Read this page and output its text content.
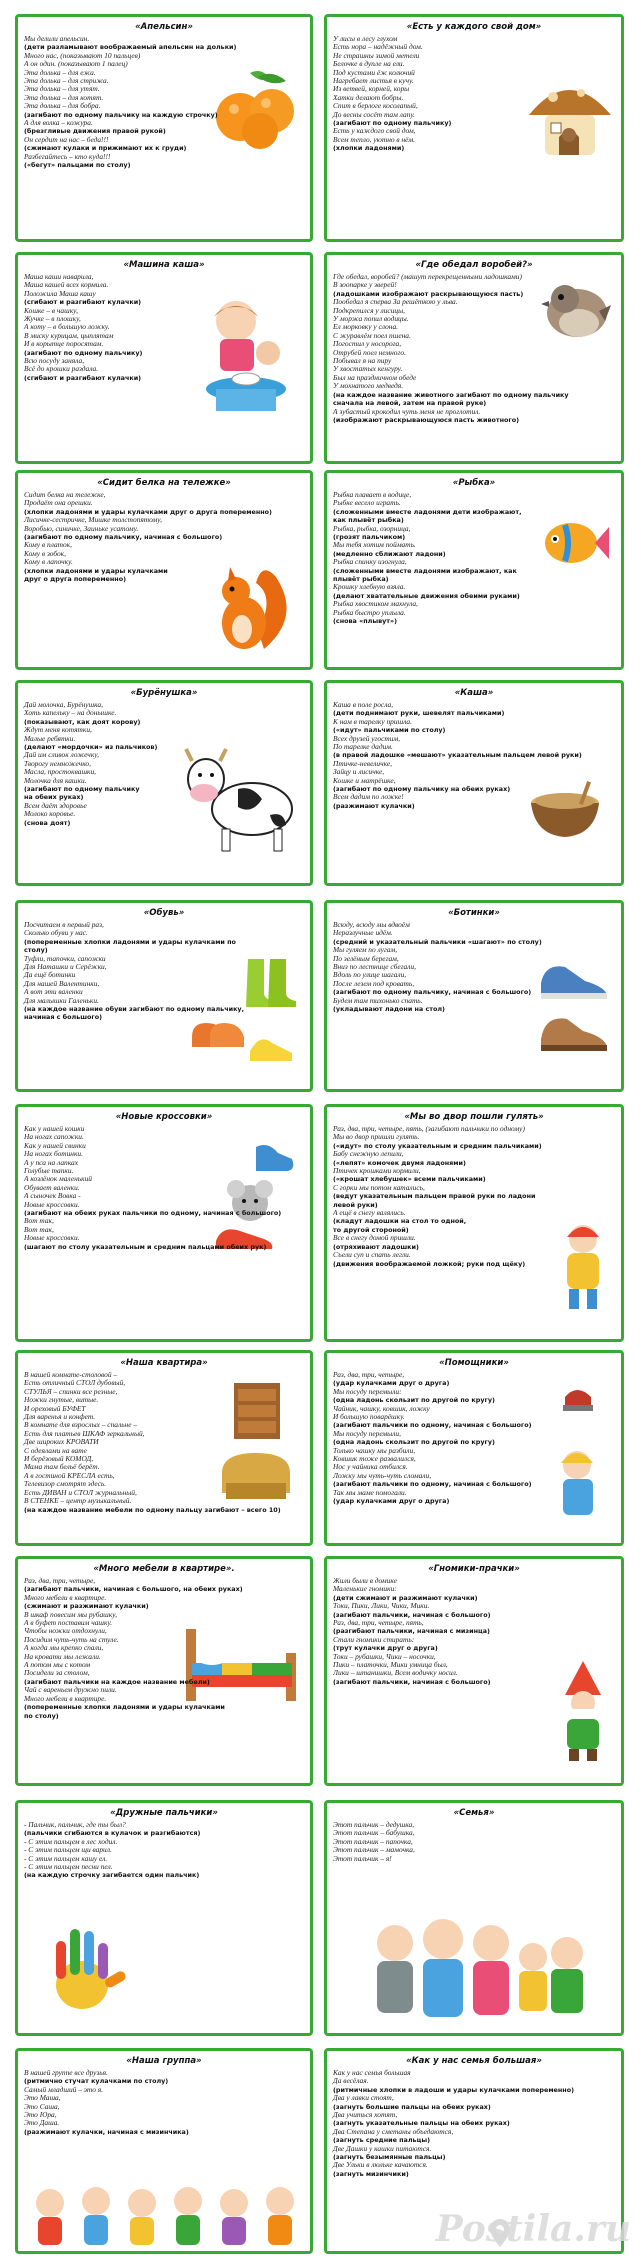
«Апельсин»
Мы делили апельсин.
(дети разламывают воображаемый апельсин на дольки)
Много нас, (показывают 10 пальцев)
А он один. (показывают 1 палец)
Эта долька – для ежа.
Эта долька – для стрижа.
Эта долька – для утят.
Эта долька – для котят.
Эта долька – для бобра.
(загибают по одному пальчику на каждую строчку)
А для волка – кожура.
(брезгливые движения правой рукой)
Он сердит на нас – беда!!!
(сжимают кулаки и прижимают их к груди)
Разбегайтесь – кто куда!!!
(«бегут» пальцами по столу)
«Есть у каждого свой дом»
У лисы в лесу глухом
Есть нора – надёжный дом.
Не страшны зимой метели
Белочке в дупле на ели.
Под кустами ёж колючий
Нагребает листья в кучу.
Из ветвей, корней, коры
Хатки делают бобры.
Спит в берлоге косолапый,
До весны сосёт там лапу.
(загибают по одному пальчику)
Есть у каждого свой дом,
Всем тепло, уютно в нём.
(хлопки ладонями)
«Машина каша»
Маша каши наварила,
Маша кашей всех кормила.
Положила Маша кашу
(сгибают и разгибают кулачки)
Кошке – в чашку,
Жучке – в плошку,
А коту – в большую ложку.
В миску курицам, цыплятам
И в корытце поросятам.
(загибают по одному пальчику)
Всю посуду заняла,
Всё до крошки раздала.
(сгибают и разгибают кулачки)
«Где обедал воробей?»
Где обедал, воробей? (машут перекрещенными ладошками)
В зоопарке у зверей!
(ладошками изображают раскрывающуюся пасть)
Пообедал я сперва За решёткою у льва.
Подкрепился у лисицы,
У моржа попил водицы.
Ел морковку у слона.
С журавлём поел пшена.
Погостил у носорога,
Отрубей поел немного.
Побывал я на пиру
У хвостатых кенгуру.
Был на праздничном обеде
У мохнатого медведя.
(на каждое название животного загибают по одному пальчику
сначала на левой, затем на правой руке)
А зубастый крокодил чуть меня не проглотил.
(изображают раскрывающуюся пасть животного)
«Сидит белка на тележке»
Сидит белка на тележке,
Продаёт она орешки.
(хлопки ладонями и удары кулачками друг о друга попеременно)
Лисичке-сестричке, Мишке толстопятому,
Воробью, синичке, Заиньке усатому.
(загибают по одному пальчику, начиная с большого)
Кому в платок,
Кому в зобок,
Кому в лапочку.
(хлопки ладонями и удары кулачками
друг о друга попеременно)
«Рыбка»
Рыбка плавает в водице,
Рыбке весело играть.
(сложенными вместе ладонями дети изображают,
как плывёт рыбка)
Рыбка, рыбка, озорница,
(грозят пальчиком)
Мы тебя хотим поймать.
(медленно сближают ладони)
Рыбка спинку изогнула,
(сложенными вместе ладонями изображают, как
плывёт рыбка)
Крошку хлебную взяла.
(делают хватательные движения обеими руками)
Рыбка хвостиком махнула,
Рыбка быстро уплыла.
(снова «плывут»)
«Бурёнушка»
Дай молочка, Бурёнушка,
Хоть капельку – на донышке.
(показывают, как доят корову)
Ждут меня котятки,
Малые ребятки.
(делают «мордочки» из пальчиков)
Дай им сливок ложечку,
Творогу немножечко,
Масла, простоквашки,
Молочка для кашки.
(загибают по одному пальчику
на обеих руках)
Всем даёт здоровье
Молоко коровье.
(снова доят)
«Каша»
Каша в поле росла,
(дети поднимают руки, шевелят пальчиками)
К нам в тарелку пришла.
(«идут» пальчиками по столу)
Всех друзей угостим,
По тарелке дадим.
(в правой ладошке «мешают» указательным пальцем левой руки)
Птичке-невеличке,
Зайцу и лисичке,
Кошке и матрёшке,
(загибают по одному пальчику на обеих руках)
Всем дадим по ложке!
(разжимают кулачки)
«Обувь»
Посчитаем в первый раз,
Сколько обуви у нас.
(попеременные хлопки ладонями и удары кулачками по
столу)
Туфли, тапочки, сапожки
Для Наташки и Серёжки,
Да ещё ботинки
Для нашей Валентинки,
А вот эти валенки
Для малышки Галеньки.
(на каждое название обуви загибают по одному пальчику,
начиная с большого)
«Ботинки»
Всюду, всюду мы вдвоём
Неразлучные идём.
(средний и указательный пальчики «шагают» по столу)
Мы гуляем по лугам,
По зелёным берегам,
Вниз по лестнице сбегали,
Вдоль по улице шагали,
После лезем под кровать,
(загибают по одному пальчику, начиная с большого)
Будем там тихонько спать.
(укладывают ладони на стол)
«Новые кроссовки»
Как у нашей кошки
На ногах сапожки.
Как у нашей свинки
На ногах ботинки.
А у пса на лапках
Голубые тапки.
А козлёнок маленький
Обувает валенки.
А сыночек Вовка -
Новые кроссовки.
(загибают на обеих руках пальчики по одному, начиная с большого)
Вот так,
Вот так,
Новые кроссовки.
(шагают по столу указательным и средним пальцами обеих рук)
«Мы во двор пошли гулять»
Раз, два, три, четыре, пять, (загибают пальчики по одному)
Мы во двор пришли гулять.
(«идут» по столу указательным и средним пальчиками)
Бабу снежную лепили,
(«лепят» комочек двумя ладонями)
Птичек крошками кормили,
(«крошат хлебушек» всеми пальчиками)
С горки мы потом катались,
(ведут указательным пальцем правой руки по ладони
левой руки)
А ещё в снегу валялись.
(кладут ладошки на стол то одной,
то другой стороной)
Все в снегу домой пришли.
(отряхивают ладошки)
Съели суп и спать легли.
(движения воображаемой ложкой; руки под щёку)
«Наша квартира»
В нашей комнате-столовой –
Есть отличный СТОЛ дубовый,
СТУЛЬЯ – спинки все резные,
Ножки гнутые, витые.
И ореховый БУФЕТ
Для варенья и конфет.
В комнате для взрослых – спальне –
Есть для платьев ШКАФ зеркальный,
Две широких КРОВАТИ
С одеялами на вате
И берёзовый КОМОД,
Мама там бельё берёт.
А в гостиной КРЕСЛА есть,
Телевизор смотрят здесь.
Есть ДИВАН и СТОЛ журнальный,
В СТЕНКЕ – центр музыкальный.
(на каждое название мебели по одному пальцу загибают – всего 10)
«Помощники»
Раз, два, три, четыре,
(удар кулачками друг о друга)
Мы посуду перемыли:
(одна ладонь скользит по другой по кругу)
Чайник, чашку, ковшик, ложку
И большую поварёшку.
(загибают пальчики по одному, начиная с большого)
Мы посуду перемыли,
(одна ладонь скользит по другой по кругу)
Только чашку мы разбили,
Ковшик тоже развалился,
Нос у чайника отбился.
Ложку мы чуть-чуть сломали,
(загибают пальчики по одному, начиная с большого)
Так мы маме помогали.
(удар кулачками друг о друга)
«Много мебели в квартире».
Раз, два, три, четыре,
(загибают пальчики, начиная с большого, на обеих руках)
Много мебели в квартире.
(сжимают и разжимают кулачки)
В шкаф повесим мы рубашку,
А в буфет поставим чашку.
Чтобы ножки отдохнули,
Посидим чуть-чуть на стуле.
А когда мы крепко спали,
На кровати мы лежали.
А потом мы с котом
Посидели за столом,
(загибают пальчики на каждое название мебели)
Чай с вареньем дружно пили.
Много мебели в квартире.
(попеременные хлопки ладонями и удары кулачками
по столу)
«Гномики-прачки»
Жили были в домике
Маленькие гномики:
(дети сжимают и разжимают кулачки)
Токи, Пики, Лики, Чики, Мики.
(загибают пальчики, начиная с большого)
Раз, два, три, четыре, пять,
(разгибают пальчики, начиная с мизинца)
Стали гномики стирать:
(трут кулачки друг о друга)
Токи – рубашки, Чики – носочки,
Пики – платочки, Мики умница был,
Лики – штанишки, Всем водичку носил.
(загибают пальчики, начиная с большого)
«Дружные пальчики»
- Пальчик, пальчик, где ты был?
(пальчики сгибаются в кулачок и разгибаются)
- С этим пальцем в лес ходил.
- С этим пальцем щи варил.
- С этим пальцем кашу ел.
- С этим пальцем песни пел.
(на каждую строчку загибается один пальчик)
«Семья»
Этот пальчик – дедушка,
Этот пальчик – бабушка,
Этот пальчик – папочка,
Этот пальчик – мамочка,
Этот пальчик – я!
«Наша группа»
В нашей группе все друзья.
(ритмично стучат кулачками по столу)
Самый младший – это я.
Это Маша,
Это Саша,
Это Юра,
Это Даша.
(разжимают кулачки, начиная с мизинчика)
«Как у нас семья большая»
Как у нас семья большая
Да весёлая.
(ритмичные хлопки в ладоши и удары кулачками попеременно)
Два у лавки стоят,
(загнуть большие пальцы на обеих руках)
Два учиться хотят,
(загнуть указательные пальцы на обеих руках)
Два Степана у сметаны объедаются,
(загнуть средние пальцы)
Две Дашки у кашки питаются.
(загнуть безымянные пальцы)
Две Ульки в люльке качаются.
(загнуть мизинчики)
Postila.ru
